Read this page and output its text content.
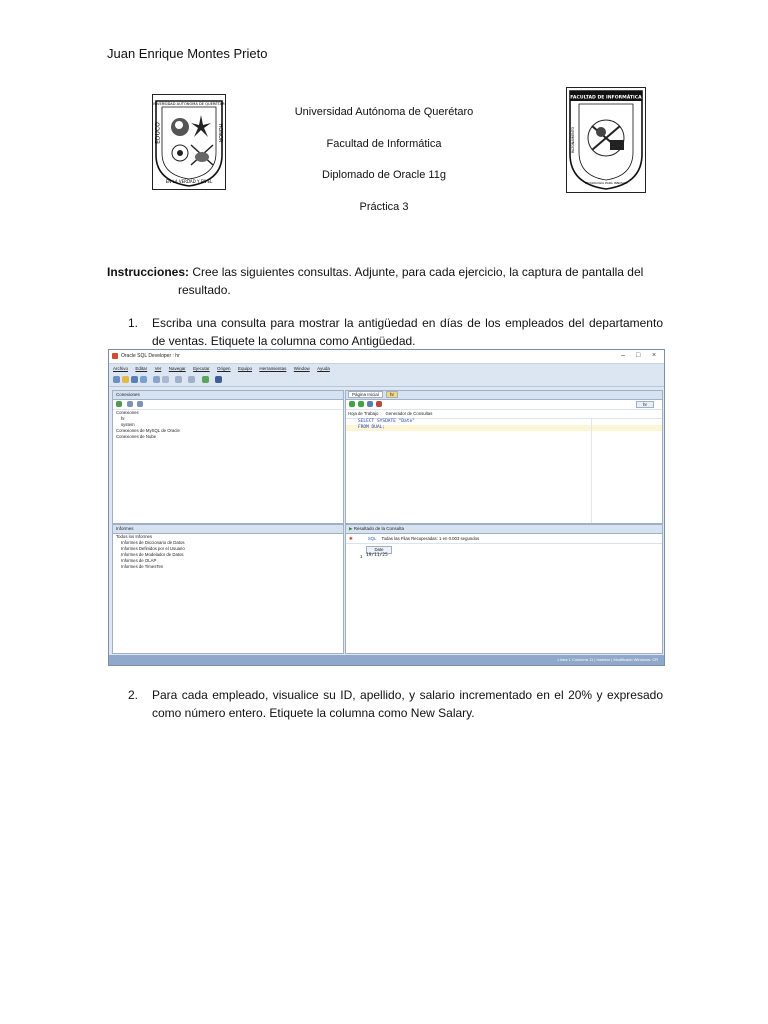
Juan Enrique Montes Prieto
UNIVERSIDAD AUTÓNOMA DE QUERÉTARO
EDUCO	HONOR
EN LA VERDAD Y EN EL
Universidad Autónoma de Querétaro
Facultad de Informática
Diplomado de Oracle 11g
Práctica 3
FACULTAD DE INFORMÁTICA
RAZONAMIENTO
TECNOLOGÍA PARA INNOVAR
Instrucciones: Cree las siguientes consultas. Adjunte, para cada ejercicio, la captura de pantalla del
resultado.
1. Escriba una consulta para mostrar la antigüedad en días de los empleados del departamento de ventas. Etiquete la columna como Antigüedad.
Oracle SQL Developer : hr	– □ ×
Archivo Editar Ver Navegar Ejecutar Origen Equipo Herramientas Window Ayuda
Conexiones
Conexiones
hr
system
Conexiones de MySQL de Oracle
Conexiones de Nube
Informes
Todos los Informes
Informes de Diccionario de Datos
Informes Definidos por el Usuario
Informes de Modelador de Datos
Informes de OLAP
Informes de TimesTen
Página Inicial	hr
hr
Hoja de Trabajo Generador de Consultas
SELECT SYSDATE "Date"
FROM DUAL;
▶ Resultado de la Consulta
✱	SQL Todas las Filas Recuperadas: 1 en 0.003 segundos
Date
1 19/11/25
Línea 1 Columna 11 | Insertar | Modificado Windows: CR
2. Para cada empleado, visualice su ID, apellido, y salario incrementado en el 20% y expresado como número entero. Etiquete la columna como New Salary.
